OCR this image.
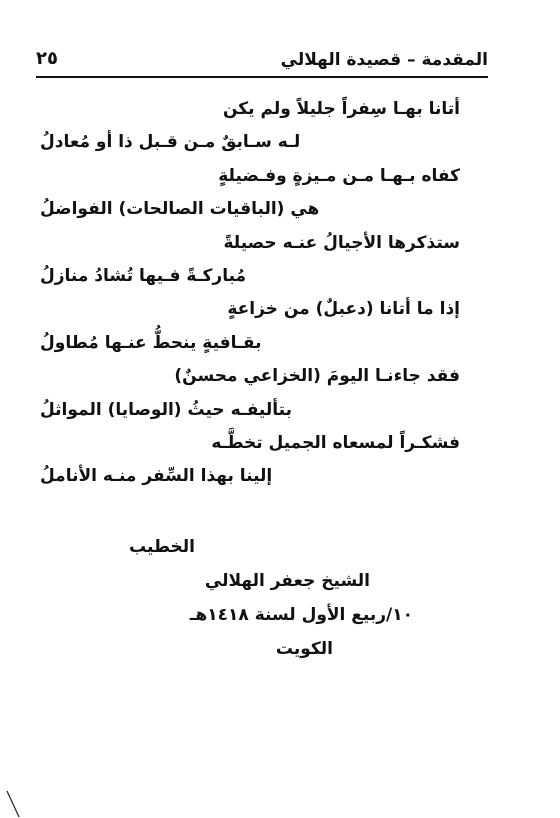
المقدمة – قصيدة الهلالي
٢٥
أتانا بهـا سِفراً جليلاً ولم يكن
لـه سـابقٌ مـن قـبل ذا أو مُعادلُ
كفاه بـهـا مـن مـيزةٍ وفـضيلةٍ
هي (الباقيات الصالحات) الفواضلُ
ستذكرها الأجيالُ عنـه حصيلةً
مُباركـةً فـيها تُشادُ منازلُ
إذا ما أتانا (دعبلٌ) من خزاعةٍ
بقـافيةٍ ينحطُّ عنـها مُطاولُ
فقد جاءنـا اليومَ (الخزاعي محسنٌ)
بتأليفـه حيثُ (الوصايا) المواثلُ
فشكـراً لمسعاه الجميل تخطَّـه
إلينا بهذا السِّفر منـه الأناملُ
الخطيب
الشيخ جعفر الهلالي
١٠/ربيع الأول لسنة ١٤١٨هـ
الكويت
